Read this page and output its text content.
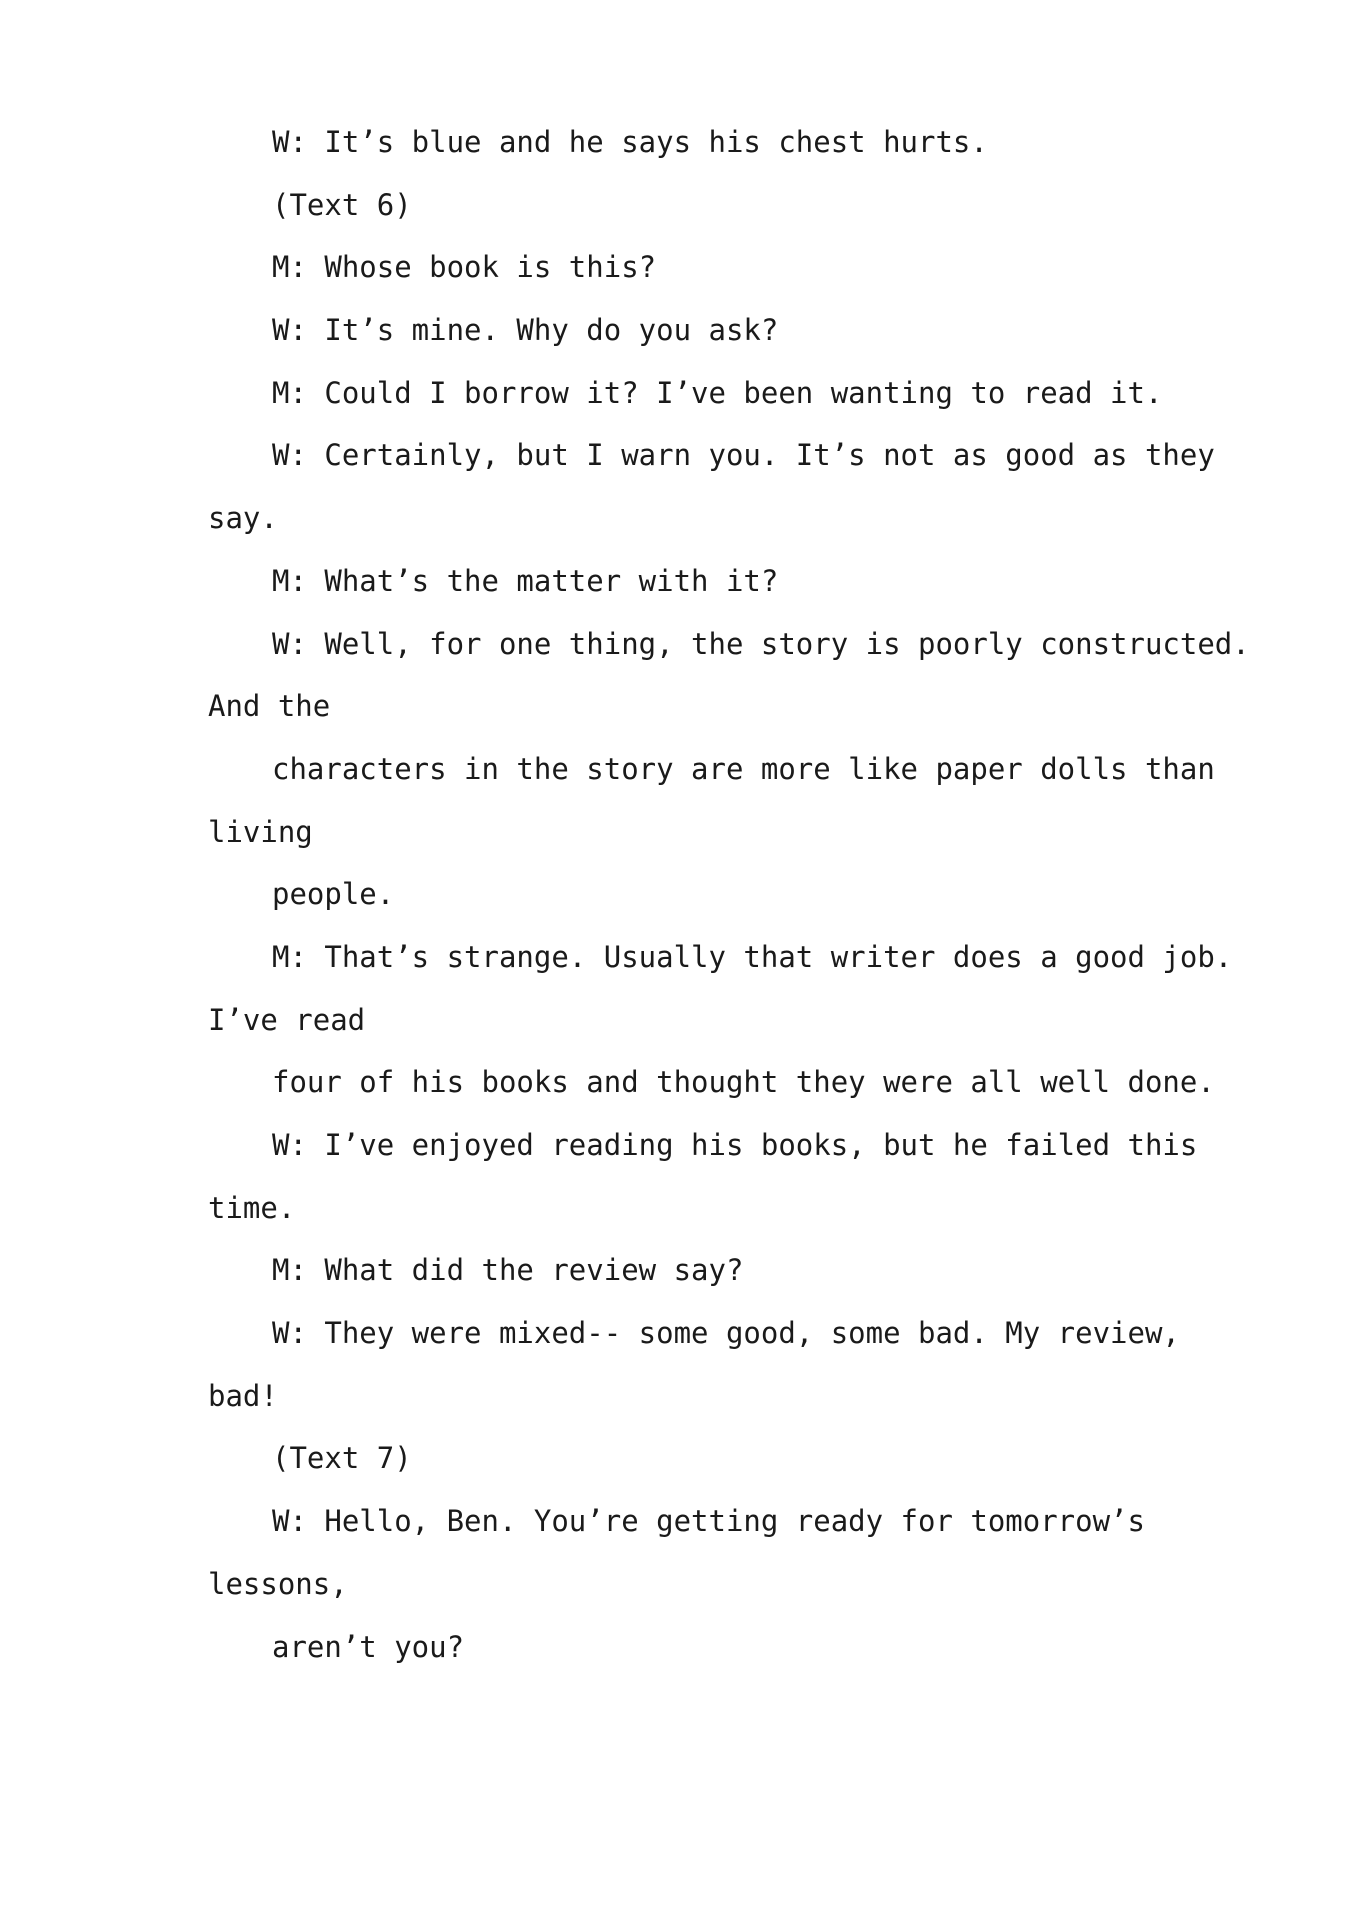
W: It’s blue and he says his chest hurts.
(Text 6)
M: Whose book is this?
W: It’s mine. Why do you ask?
M: Could I borrow it? I’ve been wanting to read it.
W: Certainly, but I warn you. It’s not as good as they
say.
M: What’s the matter with it?
W: Well, for one thing, the story is poorly constructed.
And the
characters in the story are more like paper dolls than
living
people.
M: That’s strange. Usually that writer does a good job.
I’ve read
four of his books and thought they were all well done.
W: I’ve enjoyed reading his books, but he failed this
time.
M: What did the review say?
W: They were mixed-- some good, some bad. My review,
bad!
(Text 7)
W: Hello, Ben. You’re getting ready for tomorrow’s
lessons,
aren’t you?
